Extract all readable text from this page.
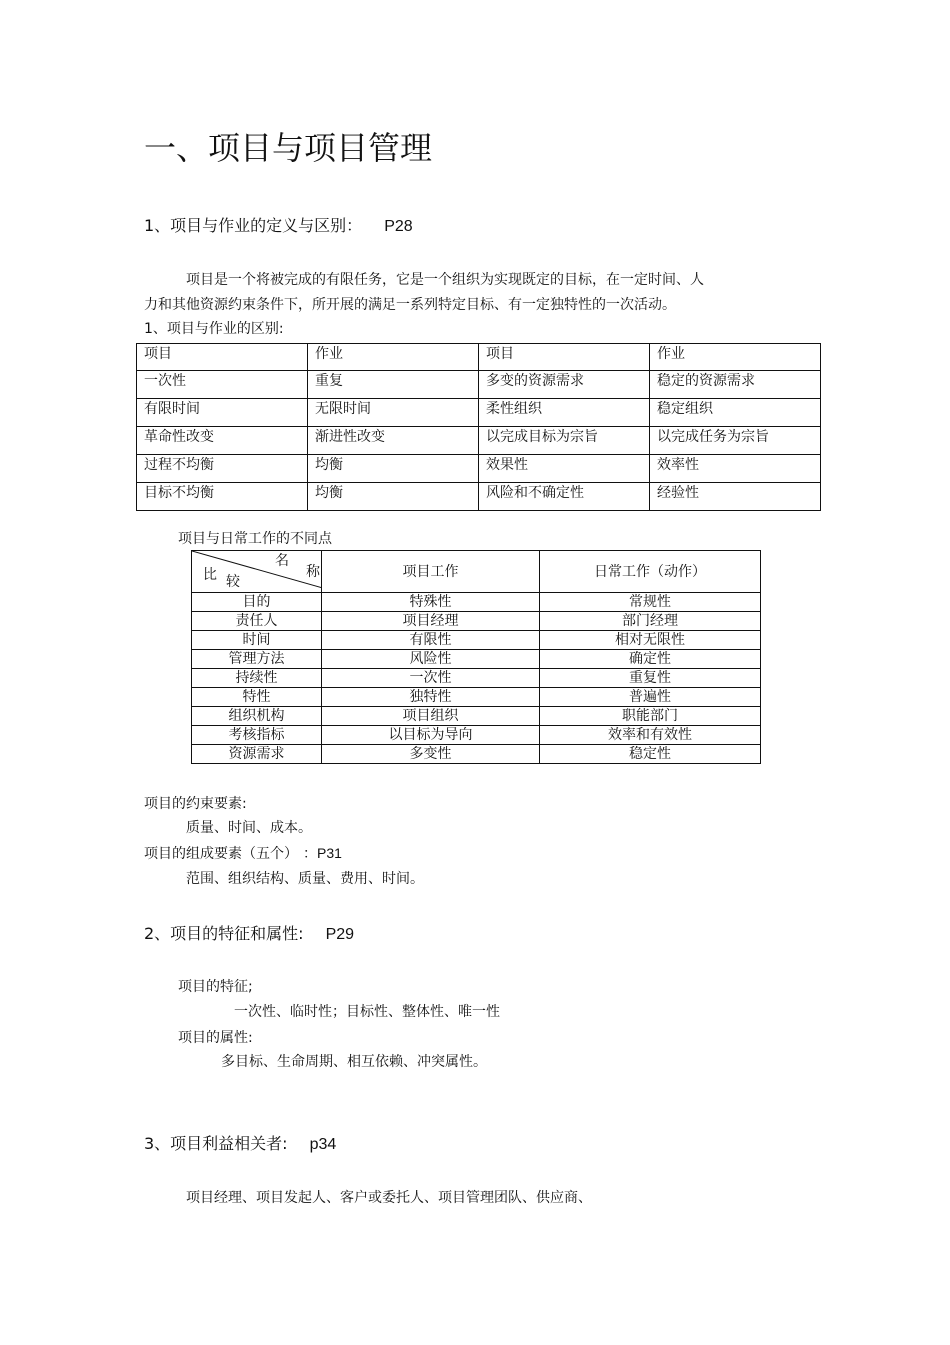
一、项目与项目管理
1、项目与作业的定义与区别： P28
项目是一个将被完成的有限任务，它是一个组织为实现既定的目标，在一定时间、人
力和其他资源约束条件下，所开展的满足一系列特定目标、有一定独特性的一次活动。
1、项目与作业的区别:
项目	作业	项目	作业
一次性	重复	多变的资源需求	稳定的资源需求
有限时间	无限时间	柔性组织	稳定组织
革命性改变	渐进性改变	以完成目标为宗旨	以完成任务为宗旨
过程不均衡	均衡	效果性	效率性
目标不均衡	均衡	风险和不确定性	经验性
项目与日常工作的不同点
名
称
比 较	项目工作	日常工作（动作）
目的	特殊性	常规性
责任人	项目经理	部门经理
时间	有限性	相对无限性
管理方法	风险性	确定性
持续性	一次性	重复性
特性	独特性	普遍性
组织机构	项目组织	职能部门
考核指标	以目标为导向	效率和有效性
资源需求	多变性	稳定性
项目的约束要素:
质量、时间、成本。
项目的组成要素（五个） ：P31
范围、组织结构、质量、费用、时间。
2、项目的特征和属性: P29
项目的特征;
一次性、临时性；目标性、整体性、唯一性
项目的属性:
多目标、生命周期、相互依赖、冲突属性。
3、项目利益相关者: p34
项目经理、项目发起人、客户或委托人、项目管理团队、供应商、
